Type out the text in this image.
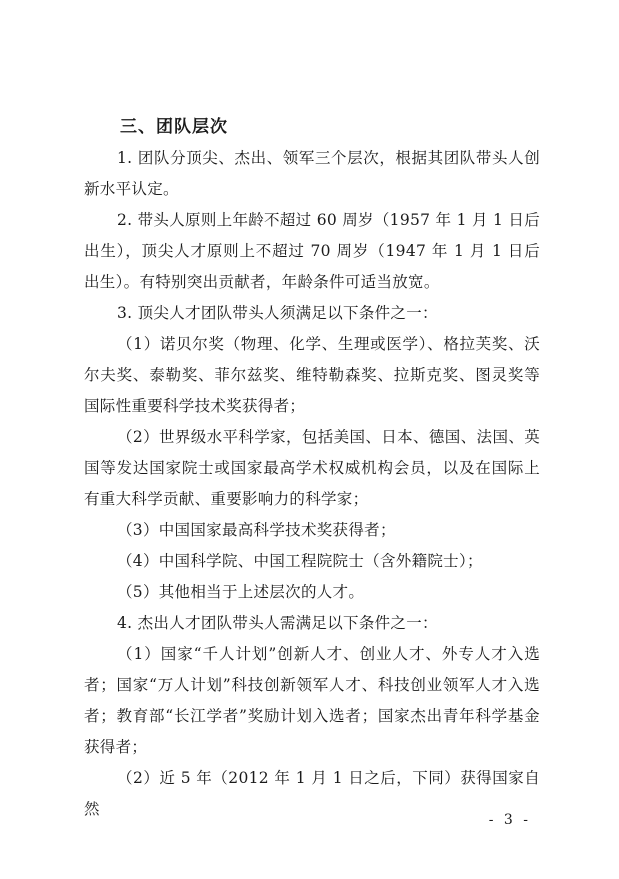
三、团队层次

1. 团队分顶尖、杰出、领军三个层次，根据其团队带头人创新水平认定。

2. 带头人原则上年龄不超过 60 周岁（1957 年 1 月 1 日后出生），顶尖人才原则上不超过 70 周岁（1947 年 1 月 1 日后出生）。有特别突出贡献者，年龄条件可适当放宽。

3. 顶尖人才团队带头人须满足以下条件之一：

（1）诺贝尔奖（物理、化学、生理或医学）、格拉芙奖、沃尔夫奖、泰勒奖、菲尔兹奖、维特勒森奖、拉斯克奖、图灵奖等国际性重要科学技术奖获得者；

（2）世界级水平科学家，包括美国、日本、德国、法国、英国等发达国家院士或国家最高学术权威机构会员，以及在国际上有重大科学贡献、重要影响力的科学家；

（3）中国国家最高科学技术奖获得者；

（4）中国科学院、中国工程院院士（含外籍院士）；

（5）其他相当于上述层次的人才。

4. 杰出人才团队带头人需满足以下条件之一：

（1）国家“千人计划”创新人才、创业人才、外专人才入选者；国家“万人计划”科技创新领军人才、科技创业领军人才入选者；教育部“长江学者”奖励计划入选者；国家杰出青年科学基金获得者；

（2）近 5 年（2012 年 1 月 1 日之后，下同）获得国家自然

- 3 -
